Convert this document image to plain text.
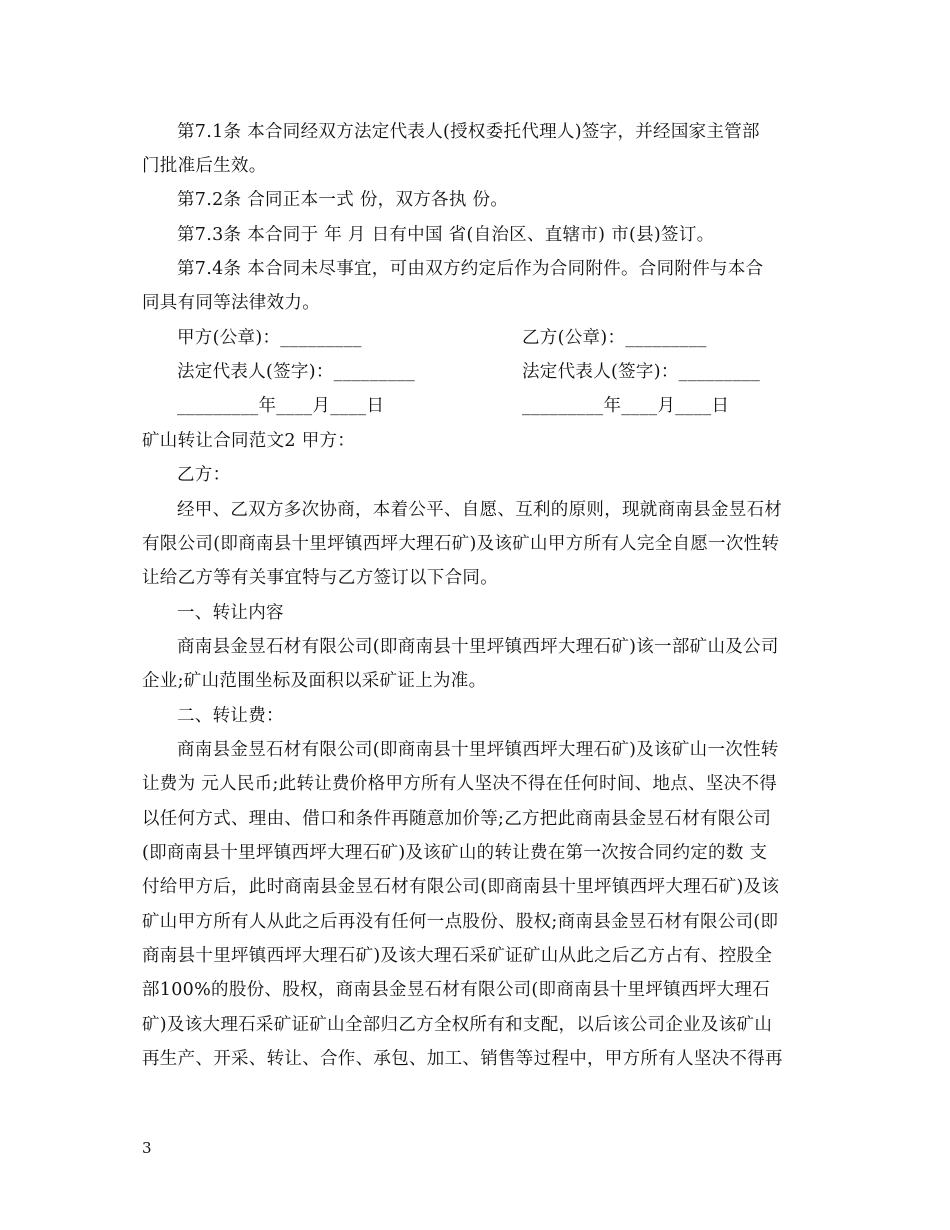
第7.1条 本合同经双方法定代表人(授权委托代理人)签字，并经国家主管部
门批准后生效。
第7.2条 合同正本一式 份，双方各执 份。
第7.3条 本合同于 年 月 日有中国 省(自治区、直辖市) 市(县)签订。
第7.4条 本合同未尽事宜，可由双方约定后作为合同附件。合同附件与本合
同具有同等法律效力。
甲方(公章)：_________	乙方(公章)：_________
法定代表人(签字)：_________	法定代表人(签字)：_________
_________年____月____日	_________年____月____日
矿山转让合同范文2 甲方：
乙方：
经甲、乙双方多次协商，本着公平、自愿、互利的原则，现就商南县金昱石材
有限公司(即商南县十里坪镇西坪大理石矿)及该矿山甲方所有人完全自愿一次性转
让给乙方等有关事宜特与乙方签订以下合同。
一、转让内容
商南县金昱石材有限公司(即商南县十里坪镇西坪大理石矿)该一部矿山及公司
企业;矿山范围坐标及面积以采矿证上为准。
二、转让费：
商南县金昱石材有限公司(即商南县十里坪镇西坪大理石矿)及该矿山一次性转
让费为 元人民币;此转让费价格甲方所有人坚决不得在任何时间、地点、坚决不得
以任何方式、理由、借口和条件再随意加价等;乙方把此商南县金昱石材有限公司
(即商南县十里坪镇西坪大理石矿)及该矿山的转让费在第一次按合同约定的数 支
付给甲方后，此时商南县金昱石材有限公司(即商南县十里坪镇西坪大理石矿)及该
矿山甲方所有人从此之后再没有任何一点股份、股权;商南县金昱石材有限公司(即
商南县十里坪镇西坪大理石矿)及该大理石采矿证矿山从此之后乙方占有、控股全
部100%的股份、股权，商南县金昱石材有限公司(即商南县十里坪镇西坪大理石
矿)及该大理石采矿证矿山全部归乙方全权所有和支配，以后该公司企业及该矿山
再生产、开采、转让、合作、承包、加工、销售等过程中，甲方所有人坚决不得再
3
